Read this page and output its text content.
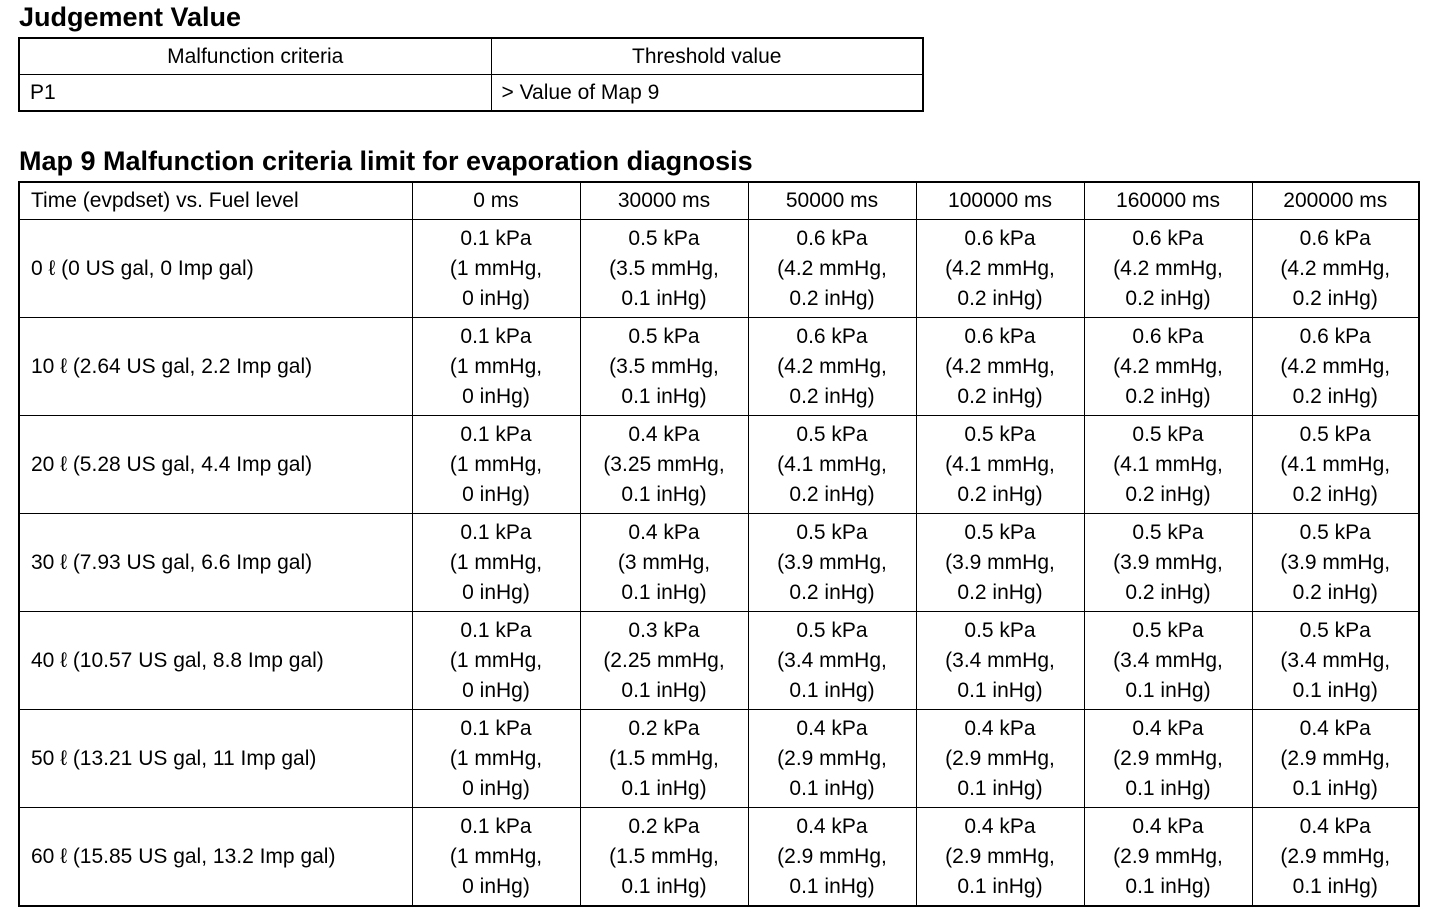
Judgement Value
Malfunction criteria	Threshold value
P1	> Value of Map 9
Map 9 Malfunction criteria limit for evaporation diagnosis
Time (evpdset) vs. Fuel level	0 ms	30000 ms	50000 ms	100000 ms	160000 ms	200000 ms
0 ℓ (0 US gal, 0 Imp gal)	0.1 kPa
(1 mmHg,
0 inHg)	0.5 kPa
(3.5 mmHg,
0.1 inHg)	0.6 kPa
(4.2 mmHg,
0.2 inHg)	0.6 kPa
(4.2 mmHg,
0.2 inHg)	0.6 kPa
(4.2 mmHg,
0.2 inHg)	0.6 kPa
(4.2 mmHg,
0.2 inHg)

10 ℓ (2.64 US gal, 2.2 Imp gal)	0.1 kPa
(1 mmHg,
0 inHg)	0.5 kPa
(3.5 mmHg,
0.1 inHg)	0.6 kPa
(4.2 mmHg,
0.2 inHg)	0.6 kPa
(4.2 mmHg,
0.2 inHg)	0.6 kPa
(4.2 mmHg,
0.2 inHg)	0.6 kPa
(4.2 mmHg,
0.2 inHg)

20 ℓ (5.28 US gal, 4.4 Imp gal)	0.1 kPa
(1 mmHg,
0 inHg)	0.4 kPa
(3.25 mmHg,
0.1 inHg)	0.5 kPa
(4.1 mmHg,
0.2 inHg)	0.5 kPa
(4.1 mmHg,
0.2 inHg)	0.5 kPa
(4.1 mmHg,
0.2 inHg)	0.5 kPa
(4.1 mmHg,
0.2 inHg)

30 ℓ (7.93 US gal, 6.6 Imp gal)	0.1 kPa
(1 mmHg,
0 inHg)	0.4 kPa
(3 mmHg,
0.1 inHg)	0.5 kPa
(3.9 mmHg,
0.2 inHg)	0.5 kPa
(3.9 mmHg,
0.2 inHg)	0.5 kPa
(3.9 mmHg,
0.2 inHg)	0.5 kPa
(3.9 mmHg,
0.2 inHg)

40 ℓ (10.57 US gal, 8.8 Imp gal)	0.1 kPa
(1 mmHg,
0 inHg)	0.3 kPa
(2.25 mmHg,
0.1 inHg)	0.5 kPa
(3.4 mmHg,
0.1 inHg)	0.5 kPa
(3.4 mmHg,
0.1 inHg)	0.5 kPa
(3.4 mmHg,
0.1 inHg)	0.5 kPa
(3.4 mmHg,
0.1 inHg)

50 ℓ (13.21 US gal, 11 Imp gal)	0.1 kPa
(1 mmHg,
0 inHg)	0.2 kPa
(1.5 mmHg,
0.1 inHg)	0.4 kPa
(2.9 mmHg,
0.1 inHg)	0.4 kPa
(2.9 mmHg,
0.1 inHg)	0.4 kPa
(2.9 mmHg,
0.1 inHg)	0.4 kPa
(2.9 mmHg,
0.1 inHg)

60 ℓ (15.85 US gal, 13.2 Imp gal)	0.1 kPa
(1 mmHg,
0 inHg)	0.2 kPa
(1.5 mmHg,
0.1 inHg)	0.4 kPa
(2.9 mmHg,
0.1 inHg)	0.4 kPa
(2.9 mmHg,
0.1 inHg)	0.4 kPa
(2.9 mmHg,
0.1 inHg)	0.4 kPa
(2.9 mmHg,
0.1 inHg)
